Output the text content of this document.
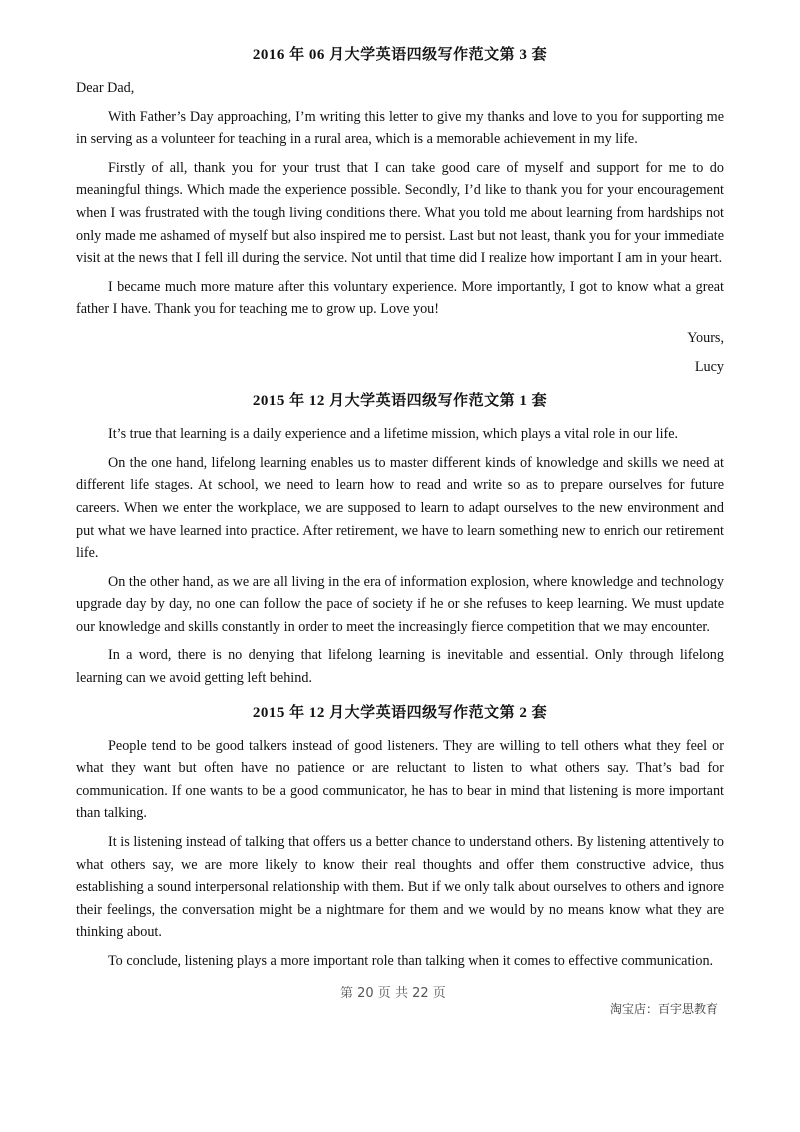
2016 年 06 月大学英语四级写作范文第 3 套

Dear Dad,

With Father’s Day approaching, I’m writing this letter to give my thanks and love to you for supporting me in serving as a volunteer for teaching in a rural area, which is a memorable achievement in my life.

Firstly of all, thank you for your trust that I can take good care of myself and support for me to do meaningful things. Which made the experience possible. Secondly, I’d like to thank you for your encouragement when I was frustrated with the tough living conditions there. What you told me about learning from hardships not only made me ashamed of myself but also inspired me to persist. Last but not least, thank you for your immediate visit at the news that I fell ill during the service. Not until that time did I realize how important I am in your heart.

I became much more mature after this voluntary experience. More importantly, I got to know what a great father I have. Thank you for teaching me to grow up. Love you!

Yours,

Lucy

2015 年 12 月大学英语四级写作范文第 1 套

It’s true that learning is a daily experience and a lifetime mission, which plays a vital role in our life.

On the one hand, lifelong learning enables us to master different kinds of knowledge and skills we need at different life stages. At school, we need to learn how to read and write so as to prepare ourselves for future careers. When we enter the workplace, we are supposed to learn to adapt ourselves to the new environment and put what we have learned into practice. After retirement, we have to learn something new to enrich our retirement life.

On the other hand, as we are all living in the era of information explosion, where knowledge and technology upgrade day by day, no one can follow the pace of society if he or she refuses to keep learning. We must update our knowledge and skills constantly in order to meet the increasingly fierce competition that we may encounter.

In a word, there is no denying that lifelong learning is inevitable and essential. Only through lifelong learning can we avoid getting left behind.

2015 年 12 月大学英语四级写作范文第 2 套

People tend to be good talkers instead of good listeners. They are willing to tell others what they feel or what they want but often have no patience or are reluctant to listen to what others say. That’s bad for communication. If one wants to be a good communicator, he has to bear in mind that listening is more important than talking.

It is listening instead of talking that offers us a better chance to understand others. By listening attentively to what others say, we are more likely to know their real thoughts and offer them constructive advice, thus establishing a sound interpersonal relationship with them. But if we only talk about ourselves to others and ignore their feelings, the conversation might be a nightmare for them and we would by no means know what they are thinking about.

To conclude, listening plays a more important role than talking when it comes to effective communication.

第 20 页 共 22 页
淘宝店：百宇思教育
